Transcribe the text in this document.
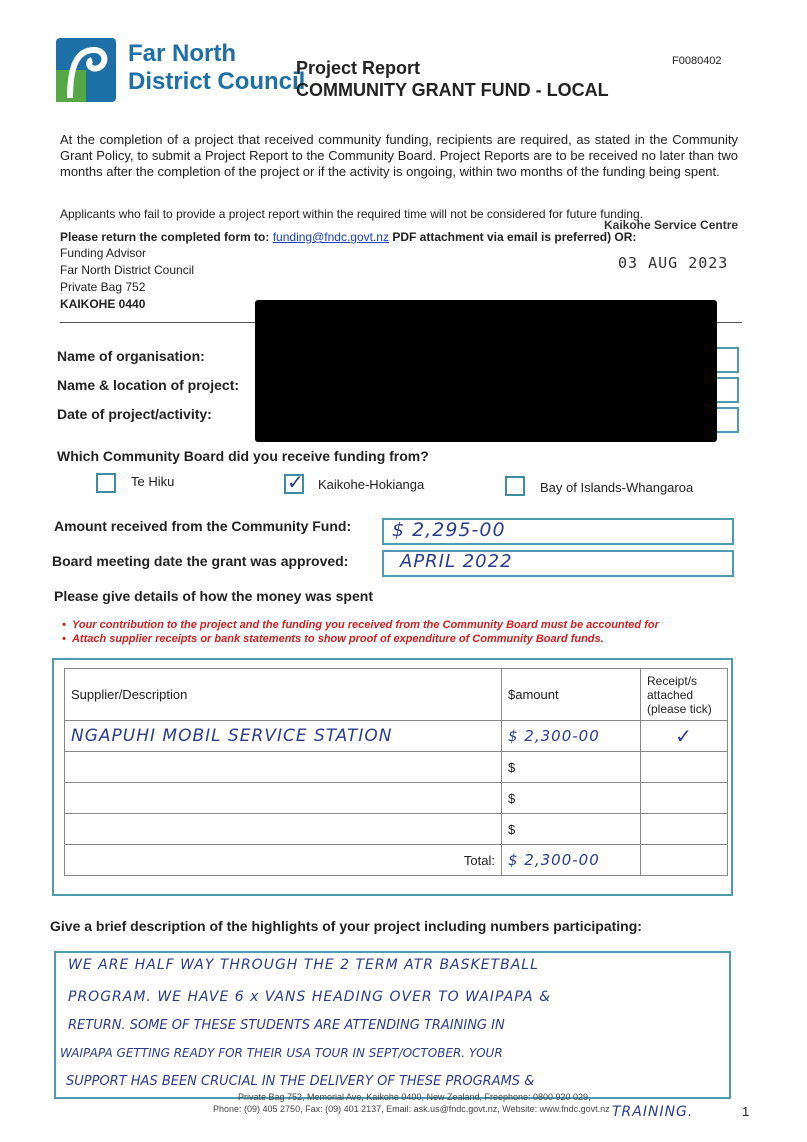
Far North
District Council
Project Report
COMMUNITY GRANT FUND - LOCAL
F0080402
At the completion of a project that received community funding, recipients are required, as stated in the Community Grant Policy, to submit a Project Report to the Community Board. Project Reports are to be received no later than two months after the completion of the project or if the activity is ongoing, within two months of the funding being spent.
Applicants who fail to provide a project report within the required time will not be considered for future funding.
Please return the completed form to: funding@fndc.govt.nz PDF attachment via email is preferred) OR:
Funding Advisor
Far North District Council
Private Bag 752
KAIKOHE 0440
Kaikohe Service Centre
03 AUG 2023
Name of organisation:
Name & location of project:
Date of project/activity:
Which Community Board did you receive funding from?
Te Hiku	✓ Kaikohe-Hokianga	Bay of Islands-Whangaroa
Amount received from the Community Fund: $ 2,295-00
Board meeting date the grant was approved:	APRIL 2022
Please give details of how the money was spent
•  Your contribution to the project and the funding you received from the Community Board must be accounted for
•  Attach supplier receipts or bank statements to show proof of expenditure of Community Board funds.
Supplier/Description	$amount	Receipt/s attached (please tick)
NGAPUHI MOBIL SERVICE STATION	$ 2,300-00	✓
	$	
	$	
	$	
Total:	$ 2,300-00	
Give a brief description of the highlights of your project including numbers participating:
WE ARE HALF WAY THROUGH THE 2 TERM ATR BASKETBALL
PROGRAM. WE HAVE 6 x VANS HEADING OVER TO WAIPAPA &
RETURN. SOME OF THESE STUDENTS ARE ATTENDING TRAINING IN
WAIPAPA GETTING READY FOR THEIR USA TOUR IN SEPT/OCTOBER. YOUR
SUPPORT HAS BEEN CRUCIAL IN THE DELIVERY OF THESE PROGRAMS &
TRAINING.
Private Bag 752, Memorial Ave, Kaikohe 0400, New Zealand, Freephone: 0800 920 029,
Phone: (09) 405 2750, Fax: (09) 401 2137, Email: ask.us@fndc.govt.nz, Website: www.fndc.govt.nz	1
